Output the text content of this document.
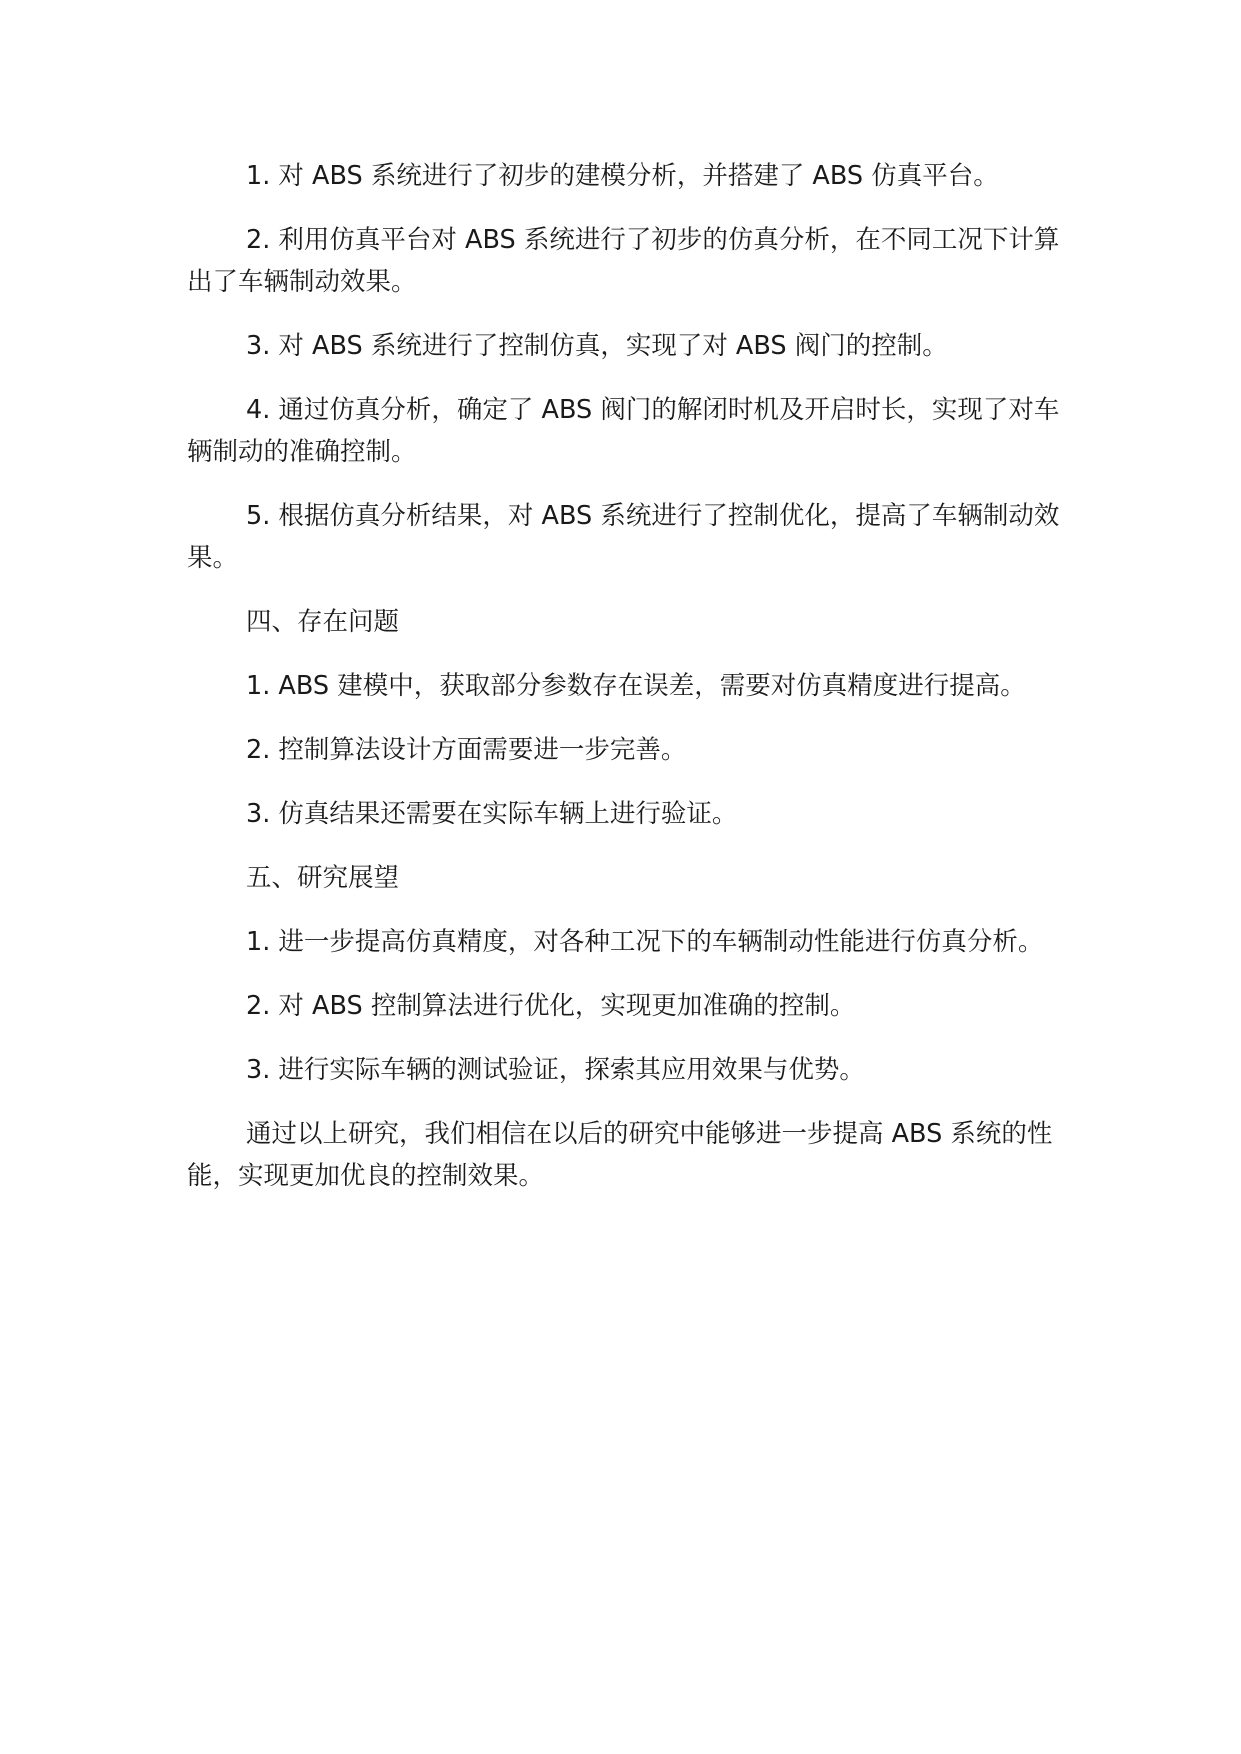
1. 对 ABS 系统进行了初步的建模分析，并搭建了 ABS 仿真平台。

2. 利用仿真平台对 ABS 系统进行了初步的仿真分析，在不同工况下计算出了车辆制动效果。

3. 对 ABS 系统进行了控制仿真，实现了对 ABS 阀门的控制。

4. 通过仿真分析，确定了 ABS 阀门的解闭时机及开启时长，实现了对车辆制动的准确控制。

5. 根据仿真分析结果，对 ABS 系统进行了控制优化，提高了车辆制动效果。

四、存在问题

1. ABS 建模中，获取部分参数存在误差，需要对仿真精度进行提高。

2. 控制算法设计方面需要进一步完善。

3. 仿真结果还需要在实际车辆上进行验证。

五、研究展望

1. 进一步提高仿真精度，对各种工况下的车辆制动性能进行仿真分析。

2. 对 ABS 控制算法进行优化，实现更加准确的控制。

3. 进行实际车辆的测试验证，探索其应用效果与优势。

通过以上研究，我们相信在以后的研究中能够进一步提高 ABS 系统的性能，实现更加优良的控制效果。
